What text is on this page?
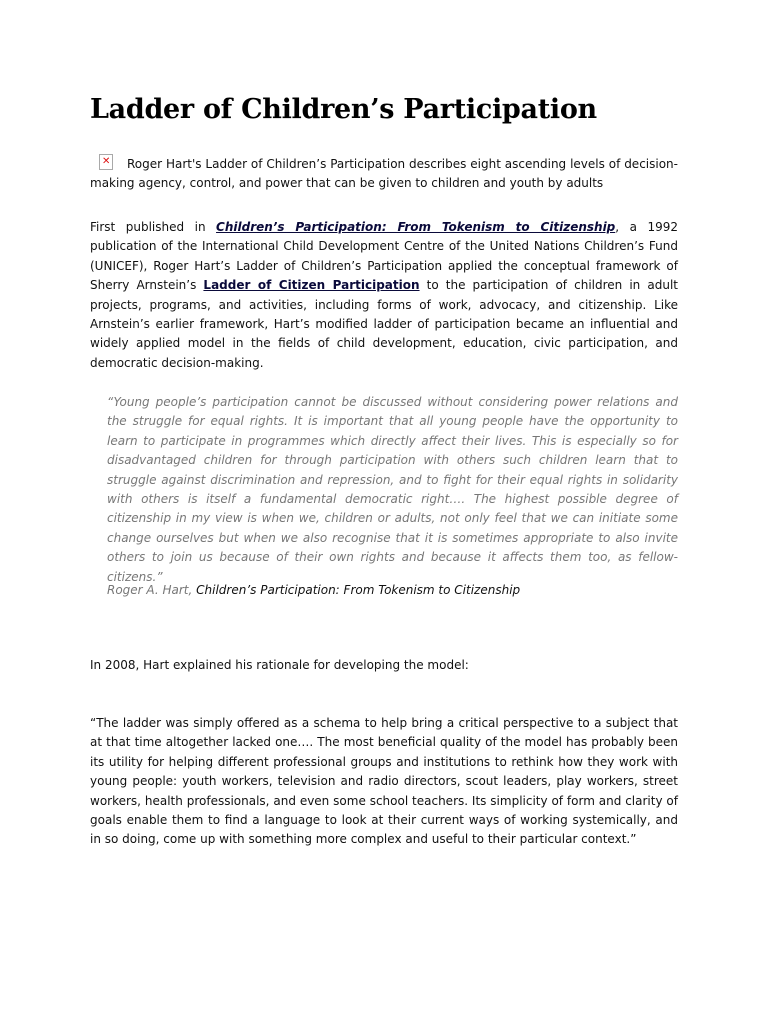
Ladder of Children’s Participation

✕ Roger Hart's Ladder of Children’s Participation describes eight ascending levels of decision-making agency, control, and power that can be given to children and youth by adults

First published in Children’s Participation: From Tokenism to Citizenship, a 1992 publication of the International Child Development Centre of the United Nations Children’s Fund (UNICEF), Roger Hart’s Ladder of Children’s Participation applied the conceptual framework of Sherry Arnstein’s Ladder of Citizen Participation to the participation of children in adult projects, programs, and activities, including forms of work, advocacy, and citizenship. Like Arnstein’s earlier framework, Hart’s modified ladder of participation became an influential and widely applied model in the fields of child development, education, civic participation, and democratic decision-making.

“Young people’s participation cannot be discussed without considering power relations and the struggle for equal rights. It is important that all young people have the opportunity to learn to participate in programmes which directly affect their lives. This is especially so for disadvantaged children for through participation with others such children learn that to struggle against discrimination and repression, and to fight for their equal rights in solidarity with others is itself a fundamental democratic right…. The highest possible degree of citizenship in my view is when we, children or adults, not only feel that we can initiate some change ourselves but when we also recognise that it is sometimes appropriate to also invite others to join us because of their own rights and because it affects them too, as fellow-citizens.”

Roger A. Hart, Children’s Participation: From Tokenism to Citizenship

In 2008, Hart explained his rationale for developing the model:

“The ladder was simply offered as a schema to help bring a critical perspective to a subject that at that time altogether lacked one…. The most beneficial quality of the model has probably been its utility for helping different professional groups and institutions to rethink how they work with young people: youth workers, television and radio directors, scout leaders, play workers, street workers, health professionals, and even some school teachers. Its simplicity of form and clarity of goals enable them to find a language to look at their current ways of working systemically, and in so doing, come up with something more complex and useful to their particular context.”
